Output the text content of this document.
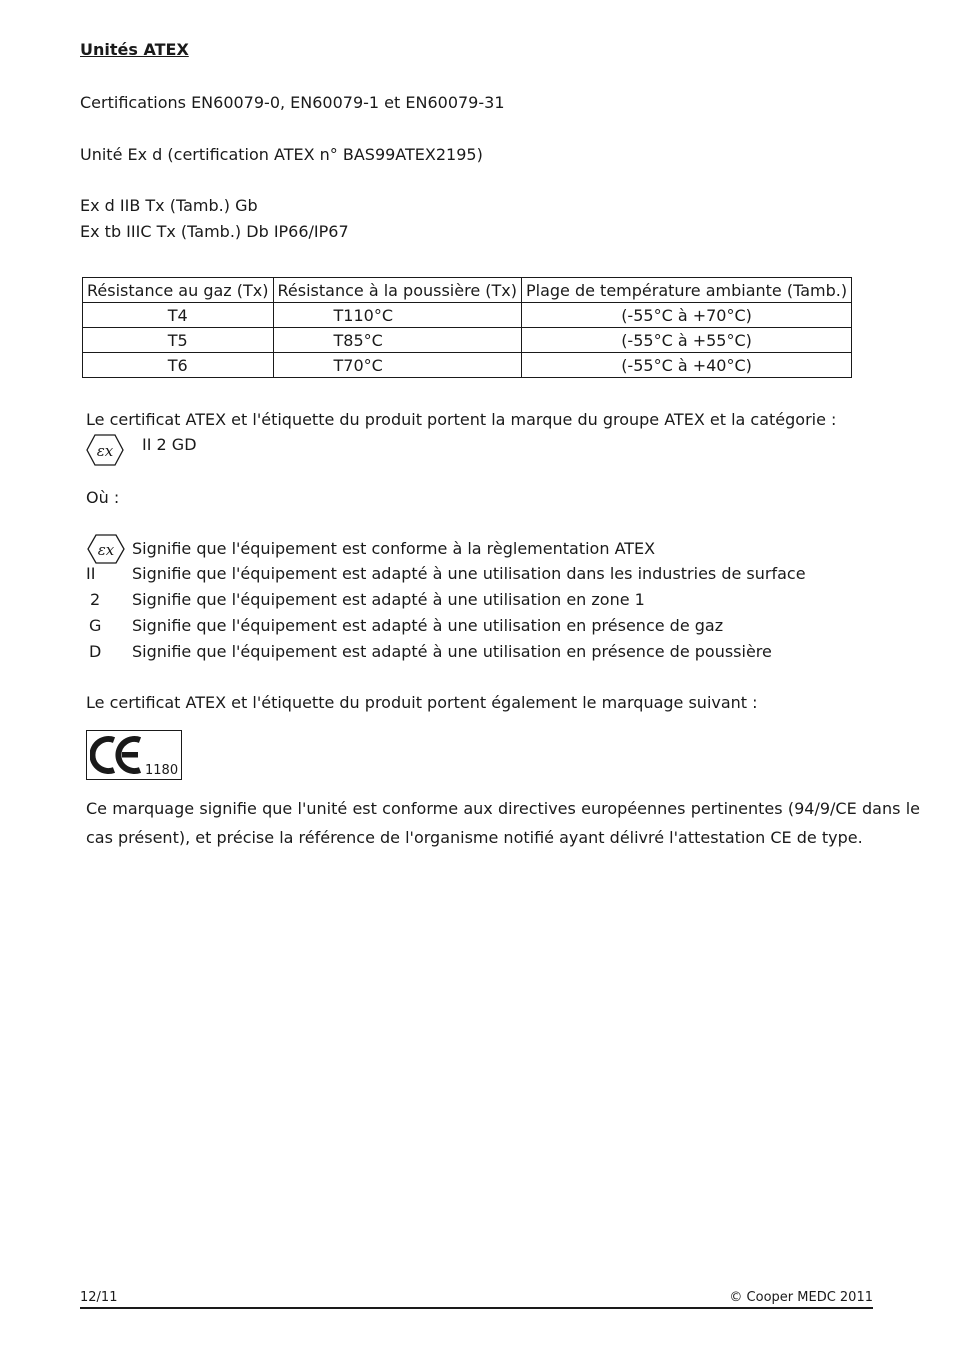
Unités ATEX
Certifications EN60079-0, EN60079-1 et EN60079-31
Unité Ex d (certification ATEX n° BAS99ATEX2195)
Ex d IIB Tx (Tamb.) Gb
Ex tb IIIC Tx (Tamb.) Db IP66/IP67
Résistance au gaz (Tx)	Résistance à la poussière (Tx)	Plage de température ambiante (Tamb.)
T4	T110°C	(-55°C à +70°C)
T5	T85°C	(-55°C à +55°C)
T6	T70°C	(-55°C à +40°C)
Le certificat ATEX et l'étiquette du produit portent la marque du groupe ATEX et la catégorie :
εx II 2 GD
Où :
εx Signifie que l'équipement est conforme à la règlementation ATEX
II	Signifie que l'équipement est adapté à une utilisation dans les industries de surface
2	Signifie que l'équipement est adapté à une utilisation en zone 1
G	Signifie que l'équipement est adapté à une utilisation en présence de gaz
D	Signifie que l'équipement est adapté à une utilisation en présence de poussière
Le certificat ATEX et l'étiquette du produit portent également le marquage suivant :
1180
Ce marquage signifie que l'unité est conforme aux directives européennes pertinentes (94/9/CE dans le cas présent), et précise la référence de l'organisme notifié ayant délivré l'attestation CE de type.
12/11	© Cooper MEDC 2011
